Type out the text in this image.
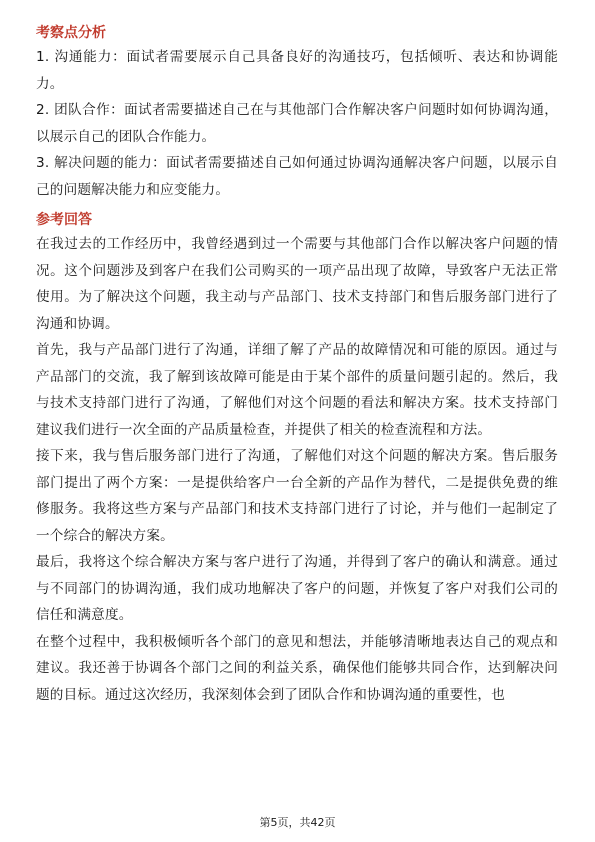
考察点分析

1. 沟通能力：面试者需要展示自己具备良好的沟通技巧，包括倾听、表达和协调能力。

2. 团队合作：面试者需要描述自己在与其他部门合作解决客户问题时如何协调沟通，以展示自己的团队合作能力。

3. 解决问题的能力：面试者需要描述自己如何通过协调沟通解决客户问题，以展示自己的问题解决能力和应变能力。

参考回答

在我过去的工作经历中，我曾经遇到过一个需要与其他部门合作以解决客户问题的情况。这个问题涉及到客户在我们公司购买的一项产品出现了故障，导致客户无法正常使用。为了解决这个问题，我主动与产品部门、技术支持部门和售后服务部门进行了沟通和协调。

首先，我与产品部门进行了沟通，详细了解了产品的故障情况和可能的原因。通过与产品部门的交流，我了解到该故障可能是由于某个部件的质量问题引起的。然后，我与技术支持部门进行了沟通，了解他们对这个问题的看法和解决方案。技术支持部门建议我们进行一次全面的产品质量检查，并提供了相关的检查流程和方法。

接下来，我与售后服务部门进行了沟通，了解他们对这个问题的解决方案。售后服务部门提出了两个方案：一是提供给客户一台全新的产品作为替代，二是提供免费的维修服务。我将这些方案与产品部门和技术支持部门进行了讨论，并与他们一起制定了一个综合的解决方案。

最后，我将这个综合解决方案与客户进行了沟通，并得到了客户的确认和满意。通过与不同部门的协调沟通，我们成功地解决了客户的问题，并恢复了客户对我们公司的信任和满意度。

在整个过程中，我积极倾听各个部门的意见和想法，并能够清晰地表达自己的观点和建议。我还善于协调各个部门之间的利益关系，确保他们能够共同合作，达到解决问题的目标。通过这次经历，我深刻体会到了团队合作和协调沟通的重要性，也

第5页，共42页
